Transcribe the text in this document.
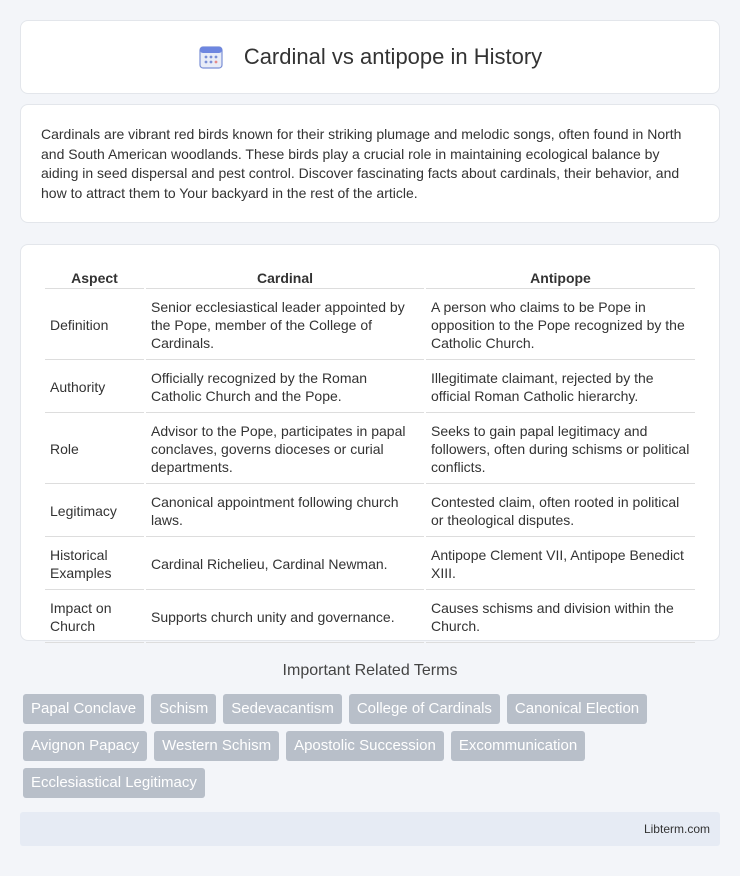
Cardinal vs antipope in History

Cardinals are vibrant red birds known for their striking plumage and melodic songs, often found in North and South American woodlands. These birds play a crucial role in maintaining ecological balance by aiding in seed dispersal and pest control. Discover fascinating facts about cardinals, their behavior, and how to attract them to Your backyard in the rest of the article.

Aspect	Cardinal	Antipope
Definition	Senior ecclesiastical leader appointed by the Pope, member of the College of Cardinals.	A person who claims to be Pope in opposition to the Pope recognized by the Catholic Church.
Authority	Officially recognized by the Roman Catholic Church and the Pope.	Illegitimate claimant, rejected by the official Roman Catholic hierarchy.
Role	Advisor to the Pope, participates in papal conclaves, governs dioceses or curial departments.	Seeks to gain papal legitimacy and followers, often during schisms or political conflicts.
Legitimacy	Canonical appointment following church laws.	Contested claim, often rooted in political or theological disputes.
Historical Examples	Cardinal Richelieu, Cardinal Newman.	Antipope Clement VII, Antipope Benedict XIII.
Impact on Church	Supports church unity and governance.	Causes schisms and division within the Church.
Important Related Terms
Papal Conclave	Schism	Sedevacantism	College of Cardinals	Canonical Election
Avignon Papacy	Western Schism	Apostolic Succession	Excommunication
Ecclesiastical Legitimacy
Libterm.com
